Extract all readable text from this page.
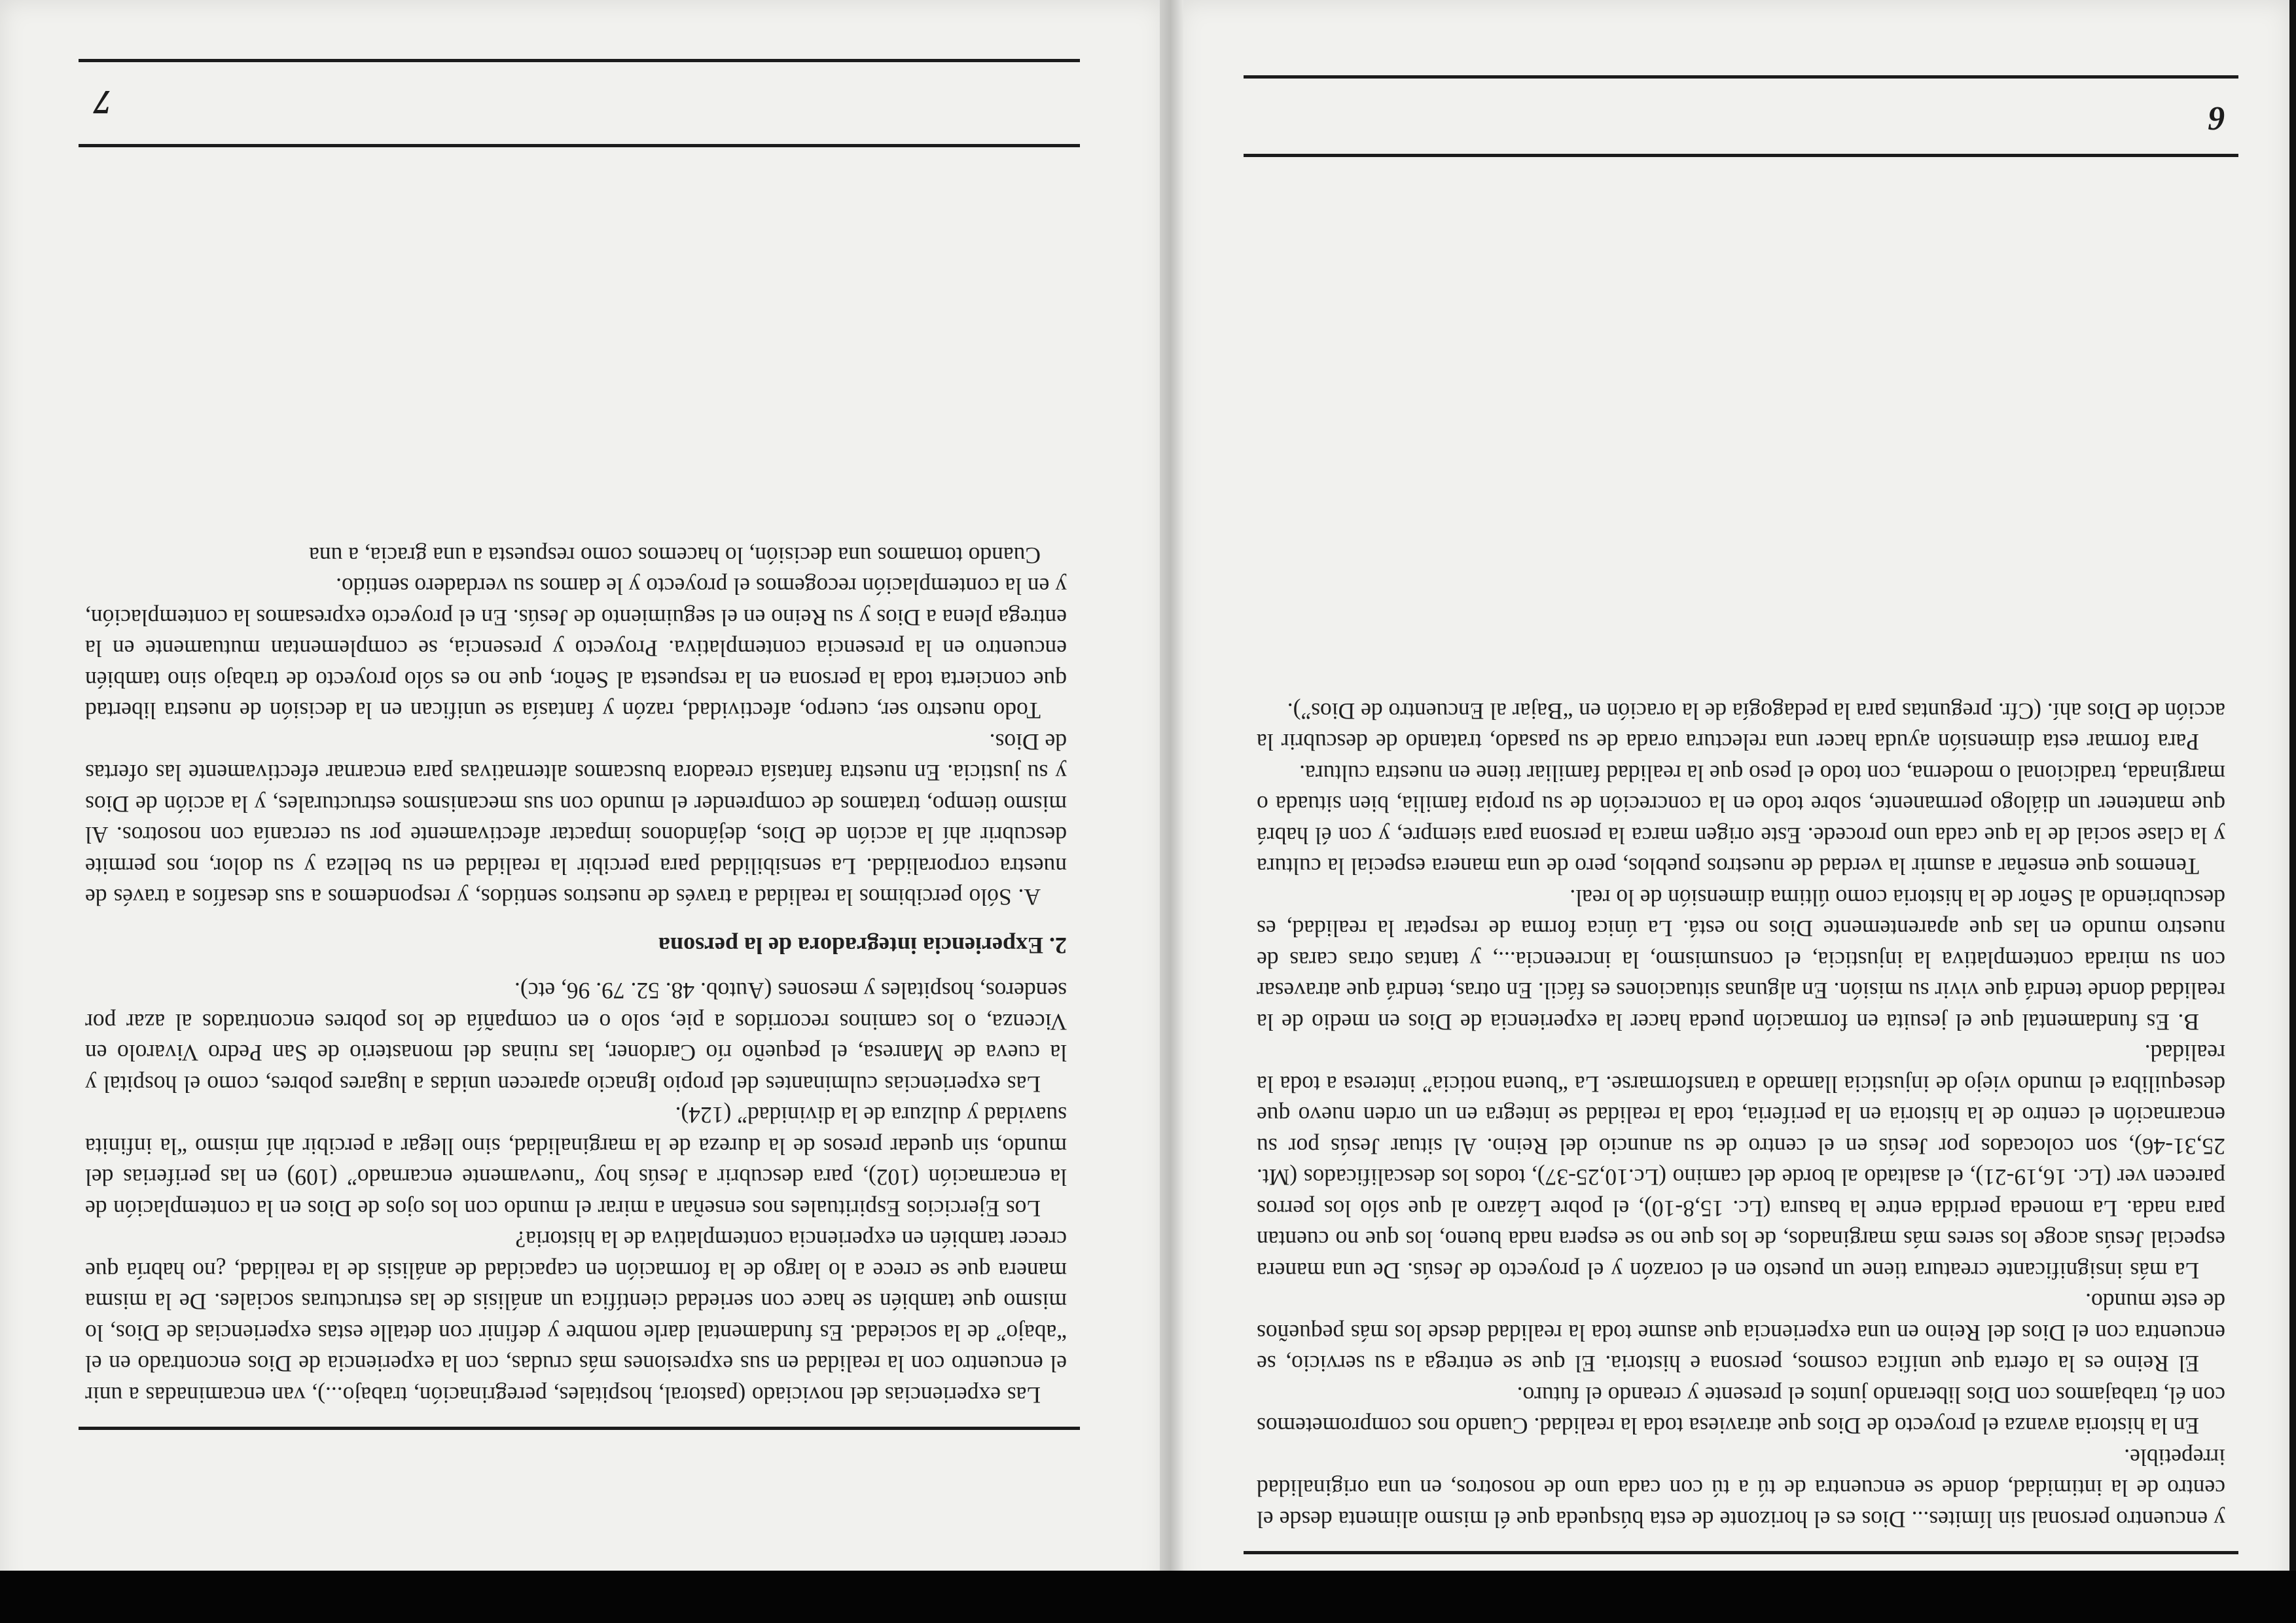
y encuentro personal sin límites... Dios es el horizonte de esta búsqueda que él mismo alimenta desde el centro de la intimidad, donde se encuentra de tú a tú con cada uno de nosotros, en una originalidad irrepetible.

En la historia avanza el proyecto de Dios que atraviesa toda la realidad. Cuando nos comprometemos con él, trabajamos con Dios liberando juntos el presente y creando el futuro.

El Reino es la oferta que unifica cosmos, persona e historia. El que se entrega a su servicio, se encuentra con el Dios del Reino en una experiencia que asume toda la realidad desde los más pequeños de este mundo.

La más insignificante creatura tiene un puesto en el corazón y el proyecto de Jesús. De una manera especial Jesús acoge los seres más marginados, de los que no se espera nada bueno, los que no cuentan para nada. La moneda perdida entre la basura (Lc. 15,8-10), el pobre Lázaro al que sólo los perros parecen ver (Lc. 16,19-21), el asaltado al borde del camino (Lc.10,25-37), todos los descalificados (Mt. 25,31-46), son colocados por Jesús en el centro de su anuncio del Reino. Al situar Jesús por su encarnación el centro de la historia en la periferia, toda la realidad se integra en un orden nuevo que desequilibra el mundo viejo de injusticia llamado a transformarse. La “buena noticia” interesa a toda la realidad.

B. Es fundamental que el jesuita en formación pueda hacer la experiencia de Dios en medio de la realidad donde tendrá que vivir su misión. En algunas situaciones es fácil. En otras, tendrá que atravesar con su mirada contemplativa la injusticia, el consumismo, la increencia..., y tantas otras caras de nuestro mundo en las que aparentemente Dios no está. La única forma de respetar la realidad, es descubriendo al Señor de la historia como última dimensión de lo real.

Tenemos que enseñar a asumir la verdad de nuestros pueblos, pero de una manera especial la cultura y la clase social de la que cada uno procede. Este origen marca la persona para siempre, y con él habrá que mantener un diálogo permanente, sobre todo en la concreción de su propia familia, bien situada o marginada, tradicional o moderna, con todo el peso que la realidad familiar tiene en nuestra cultura.

Para formar esta dimensión ayuda hacer una relectura orada de su pasado, tratando de descubrir la acción de Dios ahí. (Cfr. preguntas para la pedagogía de la oración en “Bajar al Encuentro de Dios”).

6

Las experiencias del noviciado (pastoral, hospitales, peregrinación, trabajo...), van encaminadas a unir el encuentro con la realidad en sus expresiones más crudas, con la experiencia de Dios encontrado en el “abajo” de la sociedad. Es fundamental darle nombre y definir con detalle estas experiencias de Dios, lo mismo que también se hace con seriedad científica un análisis de las estructuras sociales. De la misma manera que se crece a lo largo de la formación en capacidad de análisis de la realidad, ¿no habría que crecer también en experiencia contemplativa de la historia?

Los Ejercicios Espirituales nos enseñan a mirar el mundo con los ojos de Dios en la contemplación de la encarnación (102), para descubrir a Jesús hoy “nuevamente encarnado” (109) en las periferias del mundo, sin quedar presos de la dureza de la marginalidad, sino llegar a percibir ahí mismo “la infinita suavidad y dulzura de la divinidad” (124).

Las experiencias culminantes del propio Ignacio aparecen unidas a lugares pobres, como el hospital y la cueva de Manresa, el pequeño río Cardoner, las ruinas del monasterio de San Pedro Vivarolo en Vicenza, o los caminos recorridos a pie, solo o en compañía de los pobres encontrados al azar por senderos, hospitales y mesones (Autob. 48. 52. 79. 96, etc).

2. Experiencia integradora de la persona

A. Sólo percibimos la realidad a través de nuestros sentidos, y respondemos a sus desafíos a través de nuestra corporalidad. La sensibilidad para percibir la realidad en su belleza y su dolor, nos permite descubrir ahí la acción de Dios, dejándonos impactar afectivamente por su cercanía con nosotros. Al mismo tiempo, tratamos de comprender el mundo con sus mecanismos estructurales, y la acción de Dios y su justicia. En nuestra fantasía creadora buscamos alternativas para encarnar efectivamente las ofertas de Dios.

Todo nuestro ser, cuerpo, afectividad, razón y fantasía se unifican en la decisión de nuestra libertad que concierta toda la persona en la respuesta al Señor, que no es sólo proyecto de trabajo sino también encuentro en la presencia contemplativa. Proyecto y presencia, se complementan mutuamente en la entrega plena a Dios y su Reino en el seguimiento de Jesús. En el proyecto expresamos la contemplación, y en la contemplación recogemos el proyecto y le damos su verdadero sentido.

Cuando tomamos una decisión, lo hacemos como respuesta a una gracia, a una

7
